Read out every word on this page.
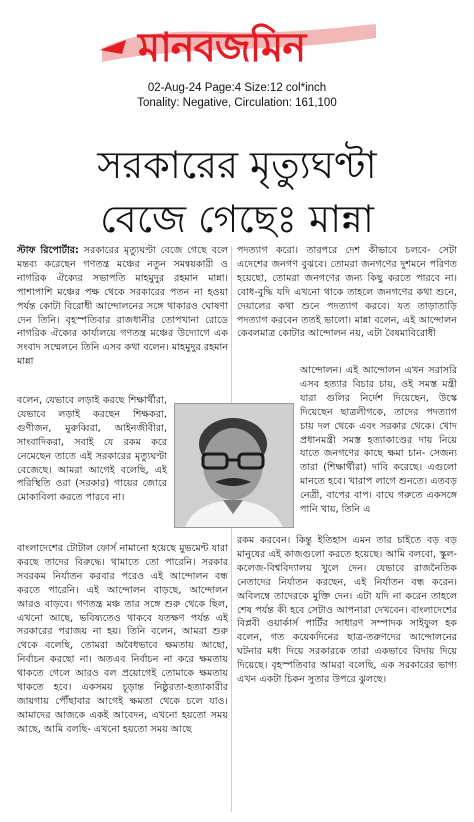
মানবজমিন
02-Aug-24 Page:4 Size:12 col*inch
Tonality: Negative, Circulation: 161,100
সরকারের মৃত্যুঘণ্টা
বেজে গেছেঃ মান্না

স্টাফ রিপোর্টার: সরকারের মৃত্যুঘণ্টা বেজে গেছে বলে মন্তব্য করেছেন গণতন্ত্র মঞ্চের নতুন সমন্বয়কারী ও নাগরিক ঐক্যের সভাপতি মাহমুদুর রহমান মান্না। পাশাপাশি মঞ্চের পক্ষ থেকে সরকারের পতন না হওয়া পর্যন্ত কোটা বিরোধী আন্দোলনের সঙ্গে থাকারও ঘোষণা দেন তিনি। বৃহস্পতিবার রাজধানীর তোপখানা রোডে নাগরিক ঐক্যের কার্যালয়ে গণতন্ত্র মঞ্চের উদ্যোগে এক সংবাদ সম্মেলনে তিনি এসব কথা বলেন। মাহমুদুর রহমান মান্না

বলেন, যেভাবে লড়াই করছে শিক্ষার্থীরা, যেভাবে লড়াই করছেন শিক্ষকরা, গুণীজন, মুরুব্বিরা, আইনজীবীরা, সাংবাদিকরা, সবাই যে রকম করে নেমেছেন তাতে এই সরকারের মৃত্যুঘণ্টা বেজেছে। আমরা আগেই বলেছি, এই পরিস্থিতি ওরা (সরকার) গায়ের জোরে মোকাবিলা করতে পারবে না।

বাংলাদেশের টোটাল ফোর্স নামানো হয়েছে মুভমেন্ট যারা করছে তাদের বিরুদ্ধে। থামাতে তো পারেনি। সরকার সবরকম নির্যাতন করবার পরেও এই আন্দোলন বন্ধ করতে পারেনি। এই আন্দোলন বাড়ছে, আন্দোলন আরও বাড়বে। গণতন্ত্র মঞ্চ তার সঙ্গে শুরু থেকে ছিল, এখনো আছে, ভবিষ্যতেও থাকবে যতক্ষণ পর্যন্ত এই সরকারের পরাজয় না হয়। তিনি বলেন, আমরা শুরু থেকে বলেছি, তোমরা অবৈধভাবে ক্ষমতায় আছো, নির্বাচন করছো না। অতএব নির্বাচন না করে ক্ষমতায় থাকতে গেলে আরও বল প্রয়োগেই তোমাকে ক্ষমতায় থাকতে হবে। একসময় চূড়ান্ত নিষ্ঠুরতা-হত্যাকারীর জায়গায় পৌঁছাবার আগেই ক্ষমতা থেকে চলে যাও। আমাদের আজকে একই আবেদন, এখনো হয়তো সময় আছে, আমি বলছি- এখনো হয়তো সময় আছে

পদত্যাগ করো। তারপরে দেশ কীভাবে চলবে- সেটা এদেশের জনগণ বুঝবে। তোমরা জনগণের দুশমনে পরিণত হয়েছো, তোমরা জনগণের জন্য কিছু করতে পারবে না। বোধ-বুদ্ধি যদি এখনো থাকে তাহলে জনগণের কথা শুনে, দেয়ালের কথা শুনে পদত্যাগ করবে। যত তাড়াতাড়ি পদত্যাগ করবেন ততই ভালো। মান্না বলেন, এই আন্দোলন কেবলমাত্র কোটার আন্দোলন নয়, এটা বৈষম্যবিরোধী

আন্দোলন। এই আন্দোলন এখন সরাসরি এসব হত্যার বিচার চায়, ওই সমস্ত মন্ত্রী যারা গুলির নির্দেশ দিয়েছেন, উস্কে দিয়েছেন ছাত্রলীগকে, তাদের পদত্যাগ চায় দল থেকে এবং সরকার থেকে। খোদ প্রধানমন্ত্রী সমস্ত হত্যাকাণ্ডের দায় নিয়ে যাতে জনগণের কাছে ক্ষমা চান- সেজন্য তারা (শিক্ষার্থীরা) দাবি করেছে। এগুলো মানতে হবে। খারাপ লাগে শুনতে। এতবড় নেত্রী, বাপের বাপ। বাঘে গরুতে একসঙ্গে পানি খায়, তিনি এ

রকম করবেন। কিন্তু ইতিহাস এমন তার চাইতে বড় বড় মানুষের এই কাজগুলো করতে হয়েছে। আমি বলবো, স্কুল-কলেজ-বিশ্ববিদ্যালয় খুলে দেন। যেভাবে রাজনৈতিক নেতাদের নির্যাতন করছেন, এই নির্যাতন বন্ধ করেন। অবিলম্বে তাদেরকে মুক্তি দেন। এটা যদি না করেন তাহলে শেষ পর্যন্ত কী হবে সেটাও আপনারা দেখবেন। বাংলাদেশের বিপ্লবী ওয়ার্কার্স পার্টির সাধারণ সম্পাদক সাইফুল হক বলেন, গত কয়েকদিনের ছাত্র-তরুণদের আন্দোলনের ঘটনার মধ্য দিয়ে সরকারকে তারা একভাবে বিদায় দিয়ে দিয়েছে। বৃহস্পতিবার আমরা বলেছি, এক সরকারের ভাগ্য এখন একটা চিকন সুতার উপরে ঝুলছে।
